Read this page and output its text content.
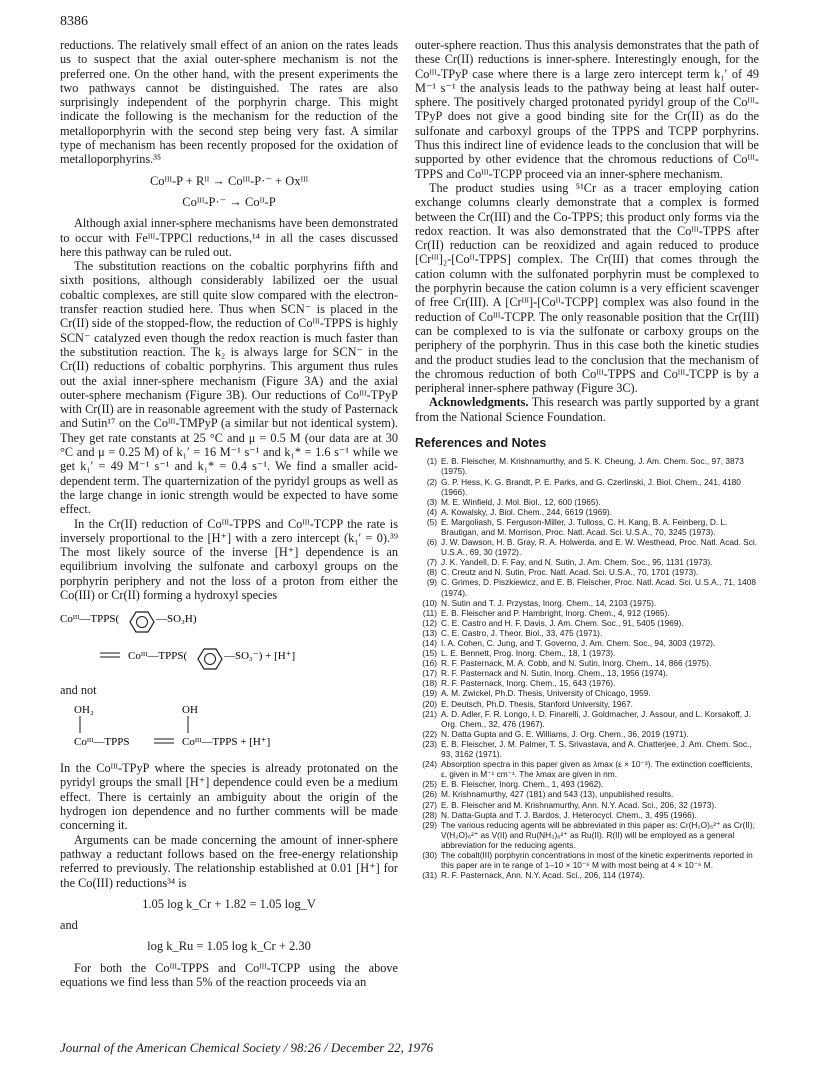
8386

reductions. The relatively small effect of an anion on the rates leads us to suspect that the axial outer-sphere mechanism is not the preferred one. On the other hand, with the present experiments the two pathways cannot be distinguished. The rates are also surprisingly independent of the porphyrin charge. This might indicate the following is the mechanism for the reduction of the metalloporphyrin with the second step being very fast. A similar type of mechanism has been recently proposed for the oxidation of metalloporphyrins.³⁵

Coᴵᴵᴵ-P + Rᴵᴵ → Coᴵᴵᴵ-P·⁻ + Oxᴵᴵᴵ
Coᴵᴵᴵ-P·⁻ → Coᴵᴵ-P

Although axial inner-sphere mechanisms have been demonstrated to occur with Feᴵᴵᴵ-TPPCl reductions,¹⁴ in all the cases discussed here this pathway can be ruled out.

The substitution reactions on the cobaltic porphyrins fifth and sixth positions, although considerably labilized oer the usual cobaltic complexes, are still quite slow compared with the electron-transfer reaction studied here. Thus when SCN⁻ is placed in the Cr(II) side of the stopped-flow, the reduction of Coᴵᴵᴵ-TPPS is highly SCN⁻ catalyzed even though the redox reaction is much faster than the substitution reaction. The k₂ is always large for SCN⁻ in the Cr(II) reductions of cobaltic porphyrins. This argument thus rules out the axial inner-sphere mechanism (Figure 3A) and the axial outer-sphere mechanism (Figure 3B). Our reductions of Coᴵᴵᴵ-TPyP with Cr(II) are in reasonable agreement with the study of Pasternack and Sutin¹⁷ on the Coᴵᴵᴵ-TMPyP (a similar but not identical system). They get rate constants at 25 °C and μ = 0.5 M (our data are at 30 °C and μ = 0.25 M) of k₁′ = 16 M⁻¹ s⁻¹ and k₁* = 1.6 s⁻¹ while we get k₁′ = 49 M⁻¹ s⁻¹ and k₁* = 0.4 s⁻¹. We find a smaller acid-dependent term. The quarternization of the pyridyl groups as well as the large change in ionic strength would be expected to have some effect.

In the Cr(II) reduction of Coᴵᴵᴵ-TPPS and Coᴵᴵᴵ-TCPP the rate is inversely proportional to the [H⁺] with a zero intercept (k₁′ = 0).³⁹ The most likely source of the inverse [H⁺] dependence is an equilibrium involving the sulfonate and carboxyl groups on the porphyrin periphery and not the loss of a proton from either the Co(III) or Cr(II) forming a hydroxyl species

Coᴵᴵᴵ—TPPS(	—SO₃H)
Coᴵᴵᴵ—TPPS(	—SO₃⁻) + [H⁺]

and not

OH₂
Coᴵᴵᴵ—TPPS
OH
Coᴵᴵᴵ—TPPS + [H⁺]

In the Coᴵᴵᴵ-TPyP where the species is already protonated on the pyridyl groups the small [H⁺] dependence could even be a medium effect. There is certainly an ambiguity about the origin of the hydrogen ion dependence and no further comments will be made concerning it.

Arguments can be made concerning the amount of inner-sphere pathway a reductant follows based on the free-energy relationship referred to previously. The relationship established at 0.01 [H⁺] for the Co(III) reductions³⁴ is

1.05 log k_Cr + 1.82 = 1.05 log_V

and

log k_Ru = 1.05 log k_Cr + 2.30

For both the Coᴵᴵᴵ-TPPS and Coᴵᴵᴵ-TCPP using the above equations we find less than 5% of the reaction proceeds via an

outer-sphere reaction. Thus this analysis demonstrates that the path of these Cr(II) reductions is inner-sphere. Interestingly enough, for the Coᴵᴵᴵ-TPyP case where there is a large zero intercept term k₁′ of 49 M⁻¹ s⁻¹ the analysis leads to the pathway being at least half outer-sphere. The positively charged protonated pyridyl group of the Coᴵᴵᴵ-TPyP does not give a good binding site for the Cr(II) as do the sulfonate and carboxyl groups of the TPPS and TCPP porphyrins. Thus this indirect line of evidence leads to the conclusion that will be supported by other evidence that the chromous reductions of Coᴵᴵᴵ-TPPS and Coᴵᴵᴵ-TCPP proceed via an inner-sphere mechanism.

The product studies using ⁵¹Cr as a tracer employing cation exchange columns clearly demonstrate that a complex is formed between the Cr(III) and the Co-TPPS; this product only forms via the redox reaction. It was also demonstrated that the Coᴵᴵᴵ-TPPS after Cr(II) reduction can be reoxidized and again reduced to produce [Crᴵᴵᴵ]₂-[Coᴵᴵ-TPPS] complex. The Cr(III) that comes through the cation column with the sulfonated porphyrin must be complexed to the porphyrin because the cation column is a very efficient scavenger of free Cr(III). A [Crᴵᴵᴵ]-[Coᴵᴵ-TCPP] complex was also found in the reduction of Coᴵᴵᴵ-TCPP. The only reasonable position that the Cr(III) can be complexed to is via the sulfonate or carboxy groups on the periphery of the porphyrin. Thus in this case both the kinetic studies and the product studies lead to the conclusion that the mechanism of the chromous reduction of both Coᴵᴵᴵ-TPPS and Coᴵᴵᴵ-TCPP is by a peripheral inner-sphere pathway (Figure 3C).

Acknowledgments. This research was partly supported by a grant from the National Science Foundation.

References and Notes
(1) E. B. Fleischer, M. Krishnamurthy, and S. K. Cheung, J. Am. Chem. Soc., 97, 3873 (1975).
(2) G. P. Hess, K. G. Brandt, P. E. Parks, and G. Czerlinski, J. Biol. Chem., 241, 4180 (1966).
(3) M. E. Winfield, J. Mol. Biol., 12, 600 (1965).
(4) A. Kowalsky, J. Biol. Chem., 244, 6619 (1969).
(5) E. Margoliash, S. Ferguson-Miller, J. Tulloss, C. H. Kang, B. A. Feinberg, D. L. Brautigan, and M. Morrison, Proc. Natl. Acad. Sci. U.S.A., 70, 3245 (1973).
(6) J. W. Dawson, H. B. Gray, R. A. Holwerda, and E. W. Westhead, Proc. Natl. Acad. Sci. U.S.A., 69, 30 (1972).
(7) J. K. Yandell, D. F. Fay, and N. Sutin, J. Am. Chem. Soc., 95, 1131 (1973).
(8) C. Creutz and N. Sutin, Proc. Natl. Acad. Sci. U.S.A., 70, 1701 (1973).
(9) C. Grimes, D. Piszkiewicz, and E. B. Fleischer, Proc. Natl. Acad. Sci. U.S.A., 71, 1408 (1974).
(10) N. Sutin and T. J. Przystas, Inorg. Chem., 14, 2103 (1975).
(11) E. B. Fleischer and P. Hambright, Inorg. Chem., 4, 912 (1965).
(12) C. E. Castro and H. F. Davis, J. Am. Chem. Soc., 91, 5405 (1969).
(13) C. E. Castro, J. Theor. Biol., 33, 475 (1971).
(14) I. A. Cohen, C. Jung, and T. Governo, J. Am. Chem. Soc., 94, 3003 (1972).
(15) L. E. Bennett, Prog. Inorg. Chem., 18, 1 (1973).
(16) R. F. Pasternack, M. A. Cobb, and N. Sutin, Inorg. Chem., 14, 866 (1975).
(17) R. F. Pasternack and N. Sutin, Inorg. Chem., 13, 1956 (1974).
(18) R. F. Pasternack, Inorg. Chem., 15, 643 (1976).
(19) A. M. Zwickel, Ph.D. Thesis, University of Chicago, 1959.
(20) E. Deutsch, Ph.D. Thesis, Stanford University, 1967.
(21) A. D. Adler, F. R. Longo, I. D. Finarelli, J. Goldmacher, J. Assour, and L. Korsakoff, J. Org. Chem., 32, 476 (1967).
(22) N. Datta Gupta and G. E. Williams, J. Org. Chem., 36, 2019 (1971).
(23) E. B. Fleischer, J. M. Palmer, T. S. Srivastava, and A. Chatterjee, J. Am. Chem. Soc., 93, 3162 (1971).
(24) Absorption spectra in this paper given as λmax (ε × 10⁻³). The extinction coefficients, ε, given in M⁻¹ cm⁻¹. The λmax are given in nm.
(25) E. B. Fleischer, Inorg. Chem., 1, 493 (1962).
(26) M. Krishnamurthy, 427 (181) and 543 (13), unpublished results.
(27) E. B. Fleischer and M. Krishnamurthy, Ann. N.Y. Acad. Sci., 206, 32 (1973).
(28) N. Datta-Gupta and T. J. Bardos, J. Heterocycl. Chem., 3, 495 (1966).
(29) The various reducing agents will be abbreviated in this paper as: Cr(H₂O)₆²⁺ as Cr(II); V(H₂O)₆²⁺ as V(II) and Ru(NH₃)₆²⁺ as Ru(II). R(II) will be employed as a general abbreviation for the reducing agents.
(30) The cobalt(III) porphyrin concentrations in most of the kinetic experiments reported in this paper are in te range of 1–10 × 10⁻⁶ M with most being at 4 × 10⁻⁶ M.
(31) R. F. Pasternack, Ann. N.Y. Acad. Sci., 206, 114 (1974).
Journal of the American Chemical Society / 98:26 / December 22, 1976
